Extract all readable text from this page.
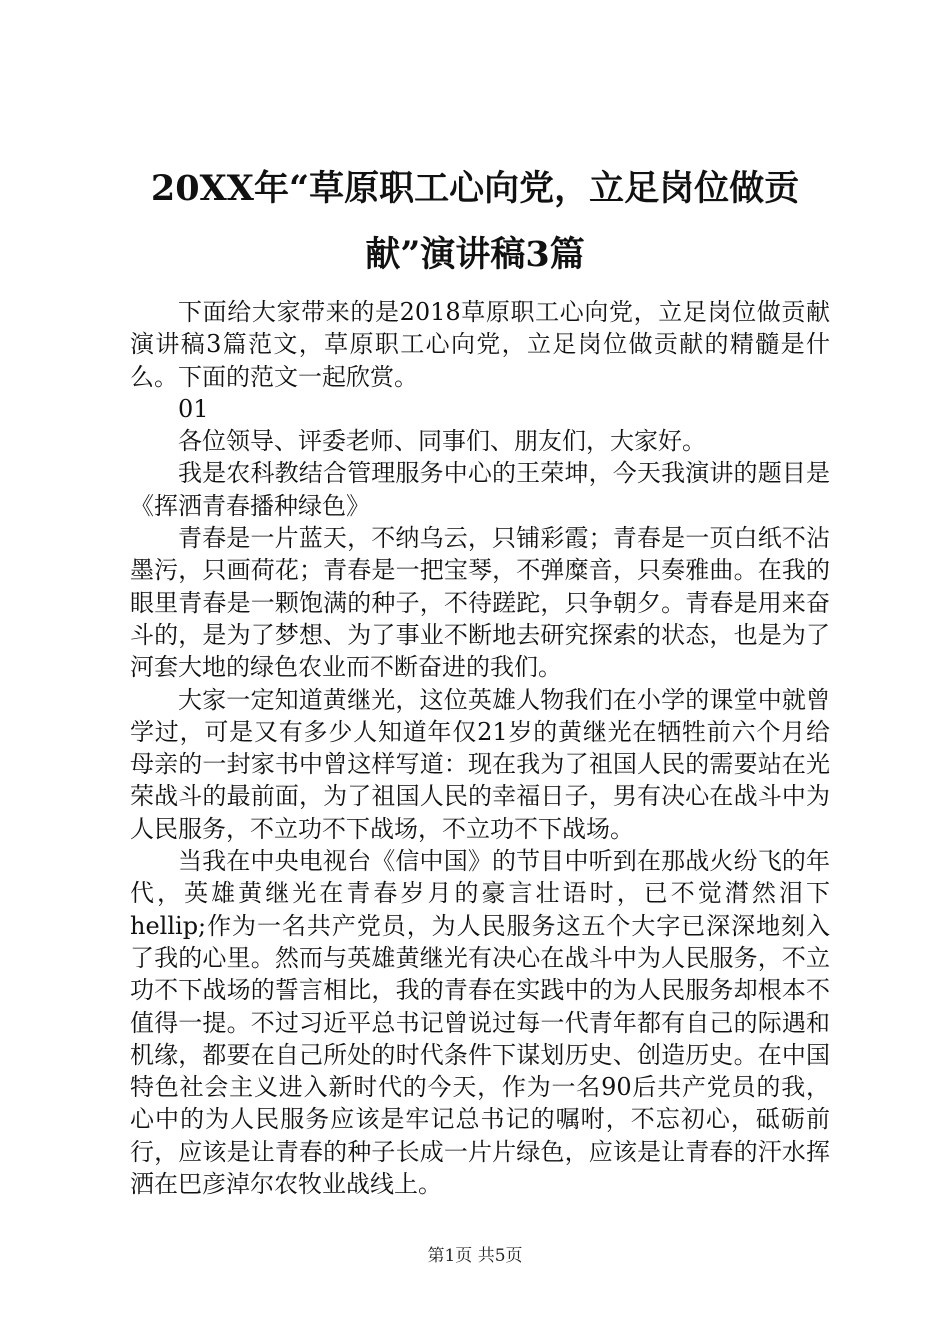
20XX年“草原职工心向党，立足岗位做贡
献”演讲稿3篇

下面给大家带来的是2018草原职工心向党，立足岗位做贡献演讲稿3篇范文，草原职工心向党，立足岗位做贡献的精髓是什么。下面的范文一起欣赏。

01

各位领导、评委老师、同事们、朋友们，大家好。

我是农科教结合管理服务中心的王荣坤，今天我演讲的题目是《挥洒青春播种绿色》

青春是一片蓝天，不纳乌云，只铺彩霞；青春是一页白纸不沾墨污，只画荷花；青春是一把宝琴，不弹糜音，只奏雅曲。在我的眼里青春是一颗饱满的种子，不待蹉跎，只争朝夕。青春是用来奋斗的，是为了梦想、为了事业不断地去研究探索的状态，也是为了河套大地的绿色农业而不断奋进的我们。

大家一定知道黄继光，这位英雄人物我们在小学的课堂中就曾学过，可是又有多少人知道年仅21岁的黄继光在牺牲前六个月给母亲的一封家书中曾这样写道：现在我为了祖国人民的需要站在光荣战斗的最前面，为了祖国人民的幸福日子，男有决心在战斗中为人民服务，不立功不下战场，不立功不下战场。

当我在中央电视台《信中国》的节目中听到在那战火纷飞的年代，英雄黄继光在青春岁月的豪言壮语时，已不觉潸然泪下hellip;作为一名共产党员，为人民服务这五个大字已深深地刻入了我的心里。然而与英雄黄继光有决心在战斗中为人民服务，不立功不下战场的誓言相比，我的青春在实践中的为人民服务却根本不值得一提。不过习近平总书记曾说过每一代青年都有自己的际遇和机缘，都要在自己所处的时代条件下谋划历史、创造历史。在中国特色社会主义进入新时代的今天，作为一名90后共产党员的我，心中的为人民服务应该是牢记总书记的嘱咐，不忘初心，砥砺前行，应该是让青春的种子长成一片片绿色，应该是让青春的汗水挥洒在巴彦淖尔农牧业战线上。

第1页 共5页
